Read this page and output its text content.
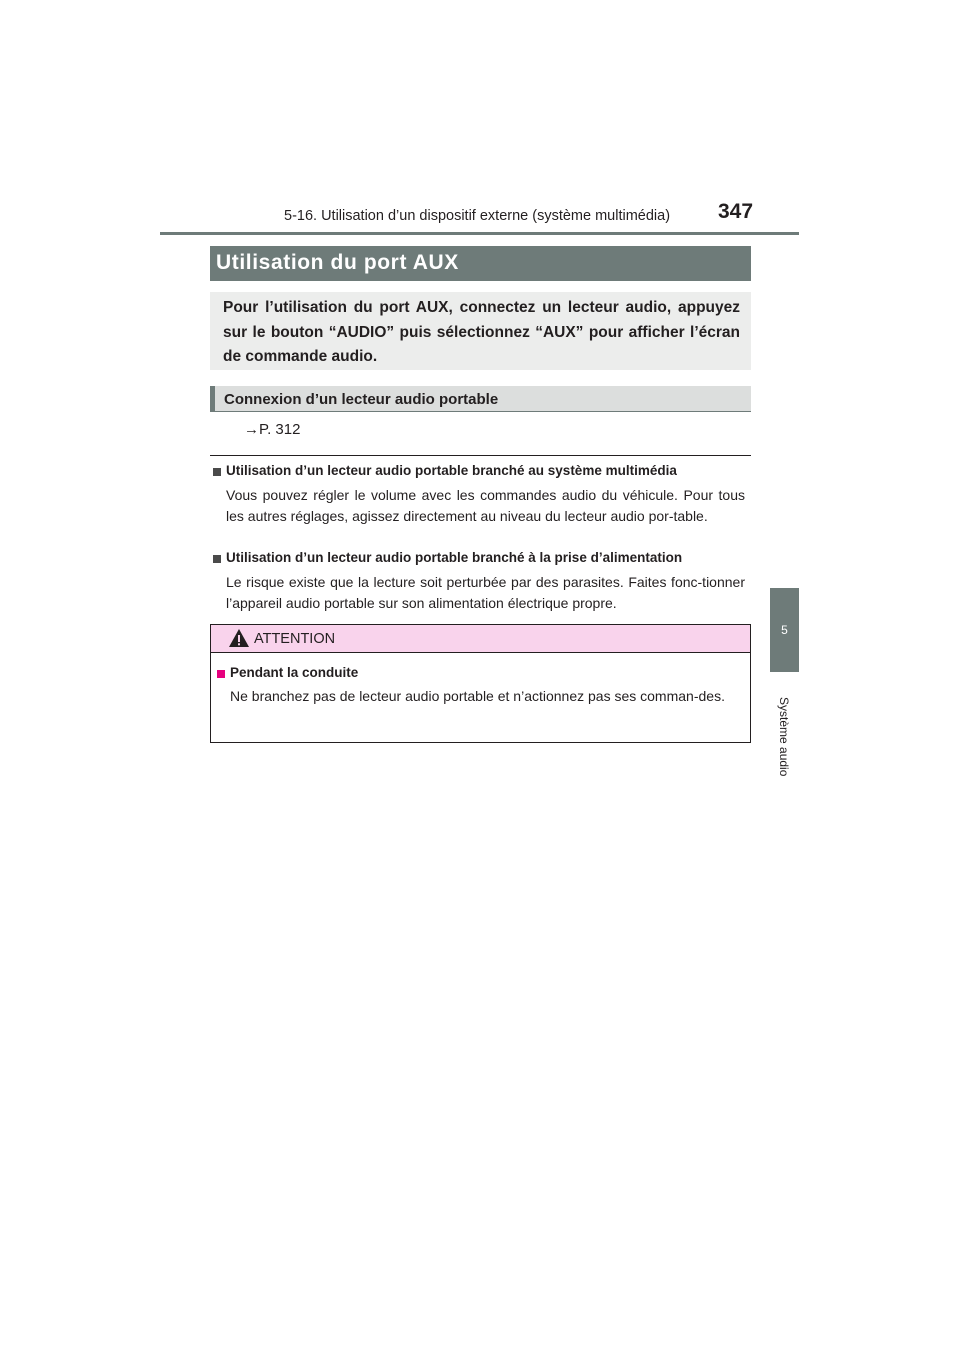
5-16. Utilisation d’un dispositif externe (système multimédia) 347
5
Système audio
Utilisation du port AUX
Pour l’utilisation du port AUX, connectez un lecteur audio, appuyez sur le bouton “AUDIO” puis sélectionnez “AUX” pour afficher l’écran de commande audio.
Connexion d’un lecteur audio portable
→P. 312
Utilisation d’un lecteur audio portable branché au système multimédia
Vous pouvez régler le volume avec les commandes audio du véhicule. Pour tous les autres réglages, agissez directement au niveau du lecteur audio por-table.
Utilisation d’un lecteur audio portable branché à la prise d’alimentation
Le risque existe que la lecture soit perturbée par des parasites. Faites fonc-tionner l’appareil audio portable sur son alimentation électrique propre.
ATTENTION
Pendant la conduite
Ne branchez pas de lecteur audio portable et n’actionnez pas ses comman-des.
